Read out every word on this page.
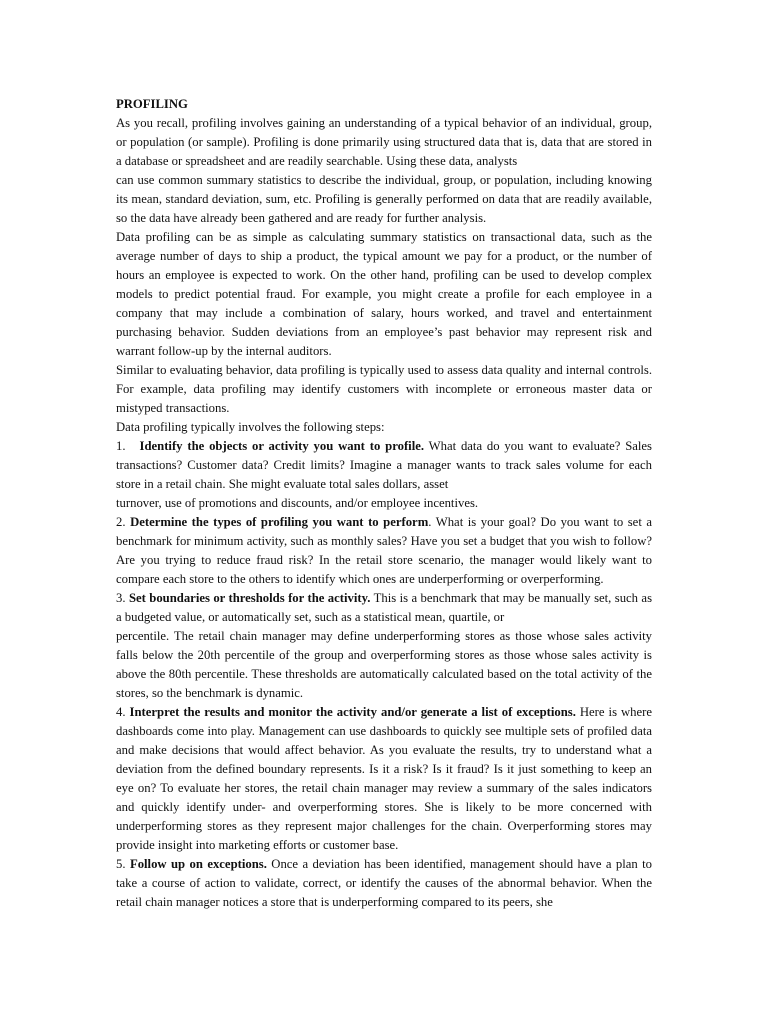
PROFILING

As you recall, profiling involves gaining an understanding of a typical behavior of an individual, group, or population (or sample). Profiling is done primarily using structured data that is, data that are stored in a database or spreadsheet and are readily searchable. Using these data, analysts

can use common summary statistics to describe the individual, group, or population, including knowing its mean, standard deviation, sum, etc. Profiling is generally performed on data that are readily available, so the data have already been gathered and are ready for further analysis.

Data profiling can be as simple as calculating summary statistics on transactional data, such as the average number of days to ship a product, the typical amount we pay for a product, or the number of hours an employee is expected to work. On the other hand, profiling can be used to develop complex models to predict potential fraud. For example, you might create a profile for each employee in a company that may include a combination of salary, hours worked, and travel and entertainment purchasing behavior. Sudden deviations from an employee’s past behavior may represent risk and warrant follow-up by the internal auditors.

Similar to evaluating behavior, data profiling is typically used to assess data quality and internal controls. For example, data profiling may identify customers with incomplete or erroneous master data or mistyped transactions.

Data profiling typically involves the following steps:

1. Identify the objects or activity you want to profile. What data do you want to evaluate? Sales transactions? Customer data? Credit limits? Imagine a manager wants to track sales volume for each store in a retail chain. She might evaluate total sales dollars, asset

turnover, use of promotions and discounts, and/or employee incentives.

2. Determine the types of profiling you want to perform. What is your goal? Do you want to set a benchmark for minimum activity, such as monthly sales? Have you set a budget that you wish to follow? Are you trying to reduce fraud risk? In the retail store scenario, the manager would likely want to compare each store to the others to identify which ones are underperforming or overperforming.

3. Set boundaries or thresholds for the activity. This is a benchmark that may be manually set, such as a budgeted value, or automatically set, such as a statistical mean, quartile, or

percentile. The retail chain manager may define underperforming stores as those whose sales activity falls below the 20th percentile of the group and overperforming stores as those whose sales activity is above the 80th percentile. These thresholds are automatically calculated based on the total activity of the stores, so the benchmark is dynamic.

4. Interpret the results and monitor the activity and/or generate a list of exceptions. Here is where dashboards come into play. Management can use dashboards to quickly see multiple sets of profiled data and make decisions that would affect behavior. As you evaluate the results, try to understand what a deviation from the defined boundary represents. Is it a risk? Is it fraud? Is it just something to keep an eye on? To evaluate her stores, the retail chain manager may review a summary of the sales indicators and quickly identify under- and overperforming stores. She is likely to be more concerned with underperforming stores as they represent major challenges for the chain. Overperforming stores may provide insight into marketing efforts or customer base.

5. Follow up on exceptions. Once a deviation has been identified, management should have a plan to take a course of action to validate, correct, or identify the causes of the abnormal behavior. When the retail chain manager notices a store that is underperforming compared to its peers, she
